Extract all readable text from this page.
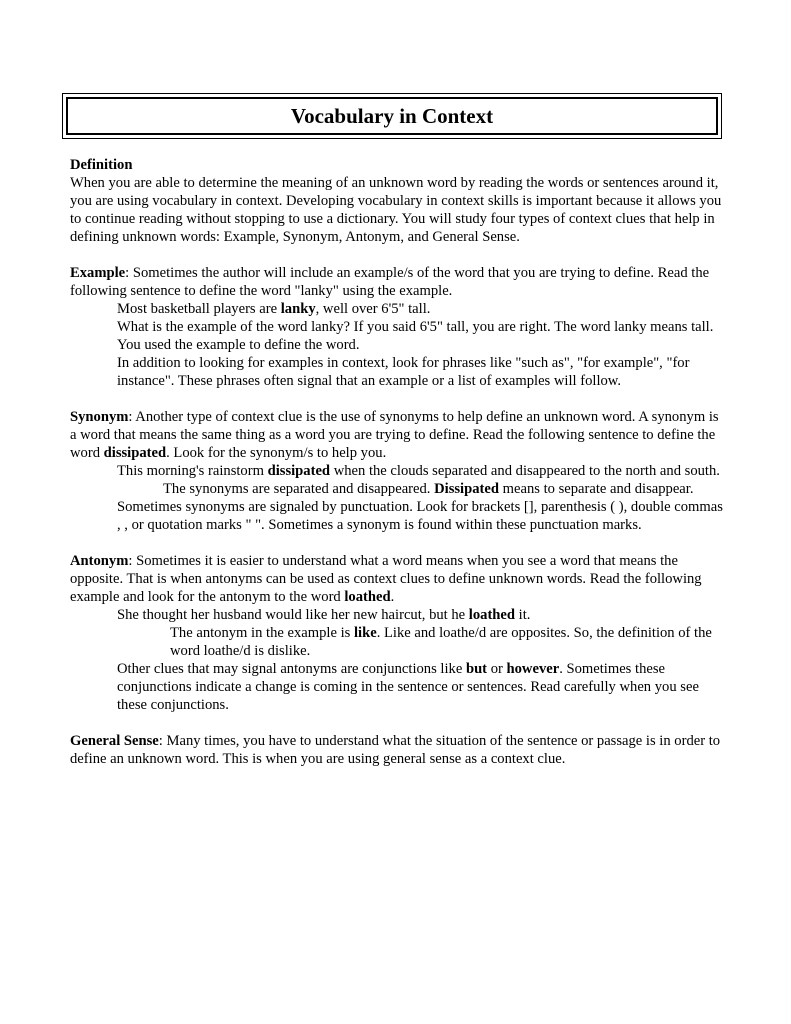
Vocabulary in Context

Definition

When you are able to determine the meaning of an unknown word by reading the words or sentences around it, you are using vocabulary in context. Developing vocabulary in context skills is important because it allows you to continue reading without stopping to use a dictionary. You will study four types of context clues that help in defining unknown words: Example, Synonym, Antonym, and General Sense.

Example: Sometimes the author will include an example/s of the word that you are trying to define. Read the following sentence to define the word "lanky" using the example.

Most basketball players are lanky, well over 6'5" tall.

What is the example of the word lanky? If you said 6'5" tall, you are right. The word lanky means tall. You used the example to define the word.

In addition to looking for examples in context, look for phrases like "such as", "for example", "for instance". These phrases often signal that an example or a list of examples will follow.

Synonym: Another type of context clue is the use of synonyms to help define an unknown word. A synonym is a word that means the same thing as a word you are trying to define. Read the following sentence to define the word dissipated. Look for the synonym/s to help you.

This morning's rainstorm dissipated when the clouds separated and disappeared to the north and south.

The synonyms are separated and disappeared. Dissipated means to separate and disappear.

Sometimes synonyms are signaled by punctuation. Look for brackets [], parenthesis ( ), double commas , , or quotation marks " ". Sometimes a synonym is found within these punctuation marks.

Antonym: Sometimes it is easier to understand what a word means when you see a word that means the opposite. That is when antonyms can be used as context clues to define unknown words. Read the following example and look for the antonym to the word loathed.

She thought her husband would like her new haircut, but he loathed it.

The antonym in the example is like. Like and loathe/d are opposites. So, the definition of the word loathe/d is dislike.

Other clues that may signal antonyms are conjunctions like but or however. Sometimes these conjunctions indicate a change is coming in the sentence or sentences. Read carefully when you see these conjunctions.

General Sense: Many times, you have to understand what the situation of the sentence or passage is in order to define an unknown word. This is when you are using general sense as a context clue.
